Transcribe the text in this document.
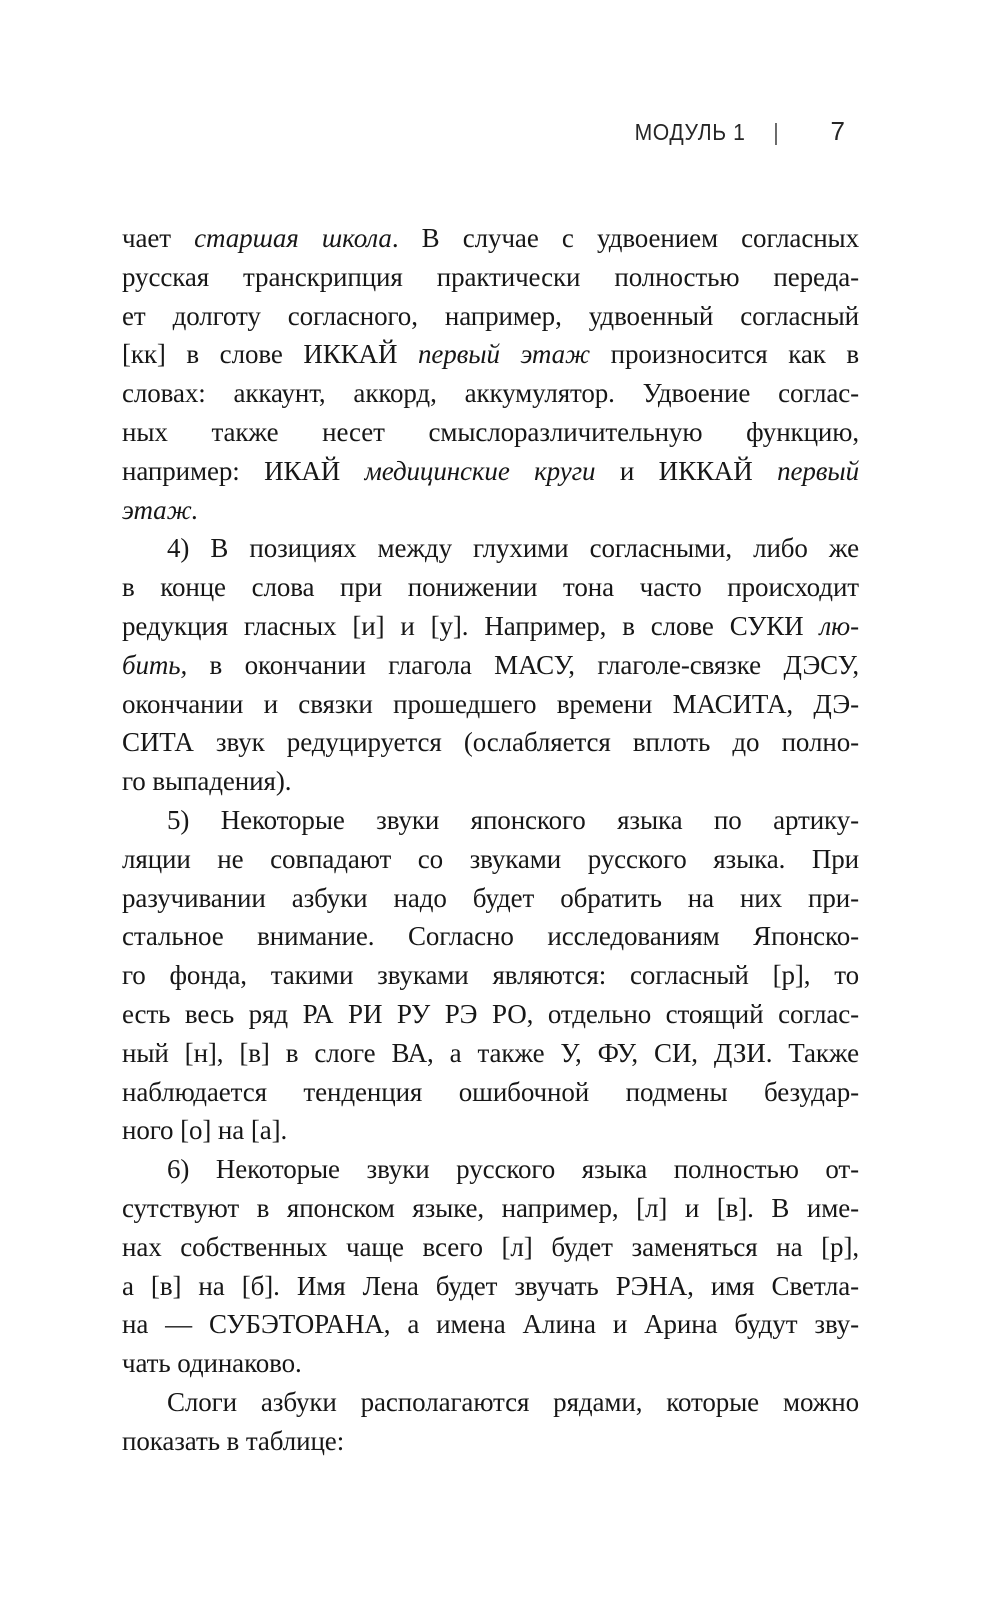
МОДУЛЬ 1 | 7
чает старшая школа. В случае с удвоением согласных
русская транскрипция практически полностью переда-
ет долготу согласного, например, удвоенный согласный
[кк] в слове ИККАЙ первый этаж произносится как в
словах: аккаунт, аккорд, аккумулятор. Удвоение соглас-
ных также несет смыслоразличительную функцию,
например: ИКАЙ медицинские круги и ИККАЙ первый
этаж.
4) В позициях между глухими согласными, либо же
в конце слова при понижении тона часто происходит
редукция гласных [и] и [у]. Например, в слове СУКИ лю-
бить, в окончании глагола МАСУ, глаголе-связке ДЭСУ,
окончании и связки прошедшего времени МАСИТА, ДЭ-
СИТА звук редуцируется (ослабляется вплоть до полно-
го выпадения).
5) Некоторые звуки японского языка по артику-
ляции не совпадают со звуками русского языка. При
разучивании азбуки надо будет обратить на них при-
стальное внимание. Согласно исследованиям Японско-
го фонда, такими звуками являются: согласный [р], то
есть весь ряд РА РИ РУ РЭ РО, отдельно стоящий соглас-
ный [н], [в] в слоге ВА, а также У, ФУ, СИ, ДЗИ. Также
наблюдается тенденция ошибочной подмены безудар-
ного [о] на [а].
6) Некоторые звуки русского языка полностью от-
сутствуют в японском языке, например, [л] и [в]. В име-
нах собственных чаще всего [л] будет заменяться на [р],
а [в] на [б]. Имя Лена будет звучать РЭНА, имя Светла-
на — СУБЭТОРАНА, а имена Алина и Арина будут зву-
чать одинаково.
Слоги азбуки располагаются рядами, которые можно
показать в таблице:
